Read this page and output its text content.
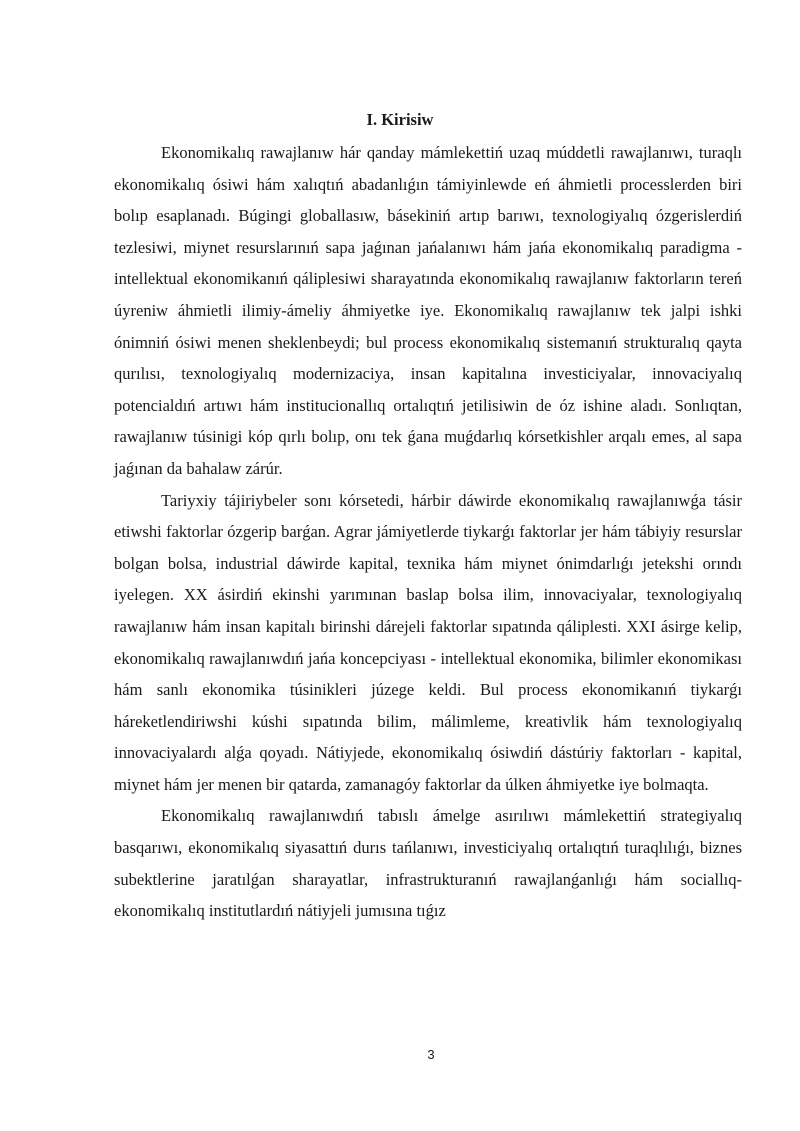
I. Kirisiw

Ekonomikalıq rawajlanıw hár qanday mámlekettiń uzaq múddetli rawajlanıwı, turaqlı ekonomikalıq ósiwi hám xalıqtıń abadanlıǵın támiyinlewde eń áhmietli processlerden biri bolıp esaplanadı. Búgingi globallasıw, básekiniń artıp barıwı, texnologiyalıq ózgerislerdiń tezlesiwi, miynet resurslarınıń sapa jaǵınan jańalanıwı hám jańa ekonomikalıq paradigma - intellektual ekonomikanıń qáliplesiwi sharayatında ekonomikalıq rawajlanıw faktorların tereń úyreniw áhmietli ilimiy-ámeliy áhmiyetke iye. Ekonomikalıq rawajlanıw tek jalpi ishki ónimniń ósiwi menen sheklenbeydi; bul process ekonomikalıq sistemanıń strukturalıq qayta qurılısı, texnologiyalıq modernizaciya, insan kapitalına investiciyalar, innovaciyalıq potencialdıń artıwı hám institucionallıq ortalıqtıń jetilisiwin de óz ishine aladı. Sonlıqtan, rawajlanıw túsinigi kóp qırlı bolıp, onı tek ǵana muǵdarlıq kórsetkishler arqalı emes, al sapa jaǵınan da bahalaw zárúr.

Tariyxiy tájiriybeler sonı kórsetedi, hárbir dáwirde ekonomikalıq rawajlanıwǵa tásir etiwshi faktorlar ózgerip barǵan. Agrar jámiyetlerde tiykarǵı faktorlar jer hám tábiyiy resurslar bolgan bolsa, industrial dáwirde kapital, texnika hám miynet ónimdarlıǵı jetekshi orındı iyelegen. XX ásirdiń ekinshi yarımınan baslap bolsa ilim, innovaciyalar, texnologiyalıq rawajlanıw hám insan kapitalı birinshi dárejeli faktorlar sıpatında qáliplesti. XXI ásirge kelip, ekonomikalıq rawajlanıwdıń jańa koncepciyası - intellektual ekonomika, bilimler ekonomikası hám sanlı ekonomika túsinikleri júzege keldi. Bul process ekonomikanıń tiykarǵı háreketlendiriwshi kúshi sıpatında bilim, málimleme, kreativlik hám texnologiyalıq innovaciyalardı alǵa qoyadı. Nátiyjede, ekonomikalıq ósiwdiń dástúriy faktorları - kapital, miynet hám jer menen bir qatarda, zamanagóy faktorlar da úlken áhmiyetke iye bolmaqta.

Ekonomikalıq rawajlanıwdıń tabıslı ámelge asırılıwı mámlekettiń strategiyalıq basqarıwı, ekonomikalıq siyasattıń durıs tańlanıwı, investiciyalıq ortalıqtıń turaqlılıǵı, biznes subektlerine jaratılǵan sharayatlar, infrastrukturanıń rawajlanǵanlıǵı hám sociallıq-ekonomikalıq institutlardıń nátiyjeli jumısına tıǵız

3
